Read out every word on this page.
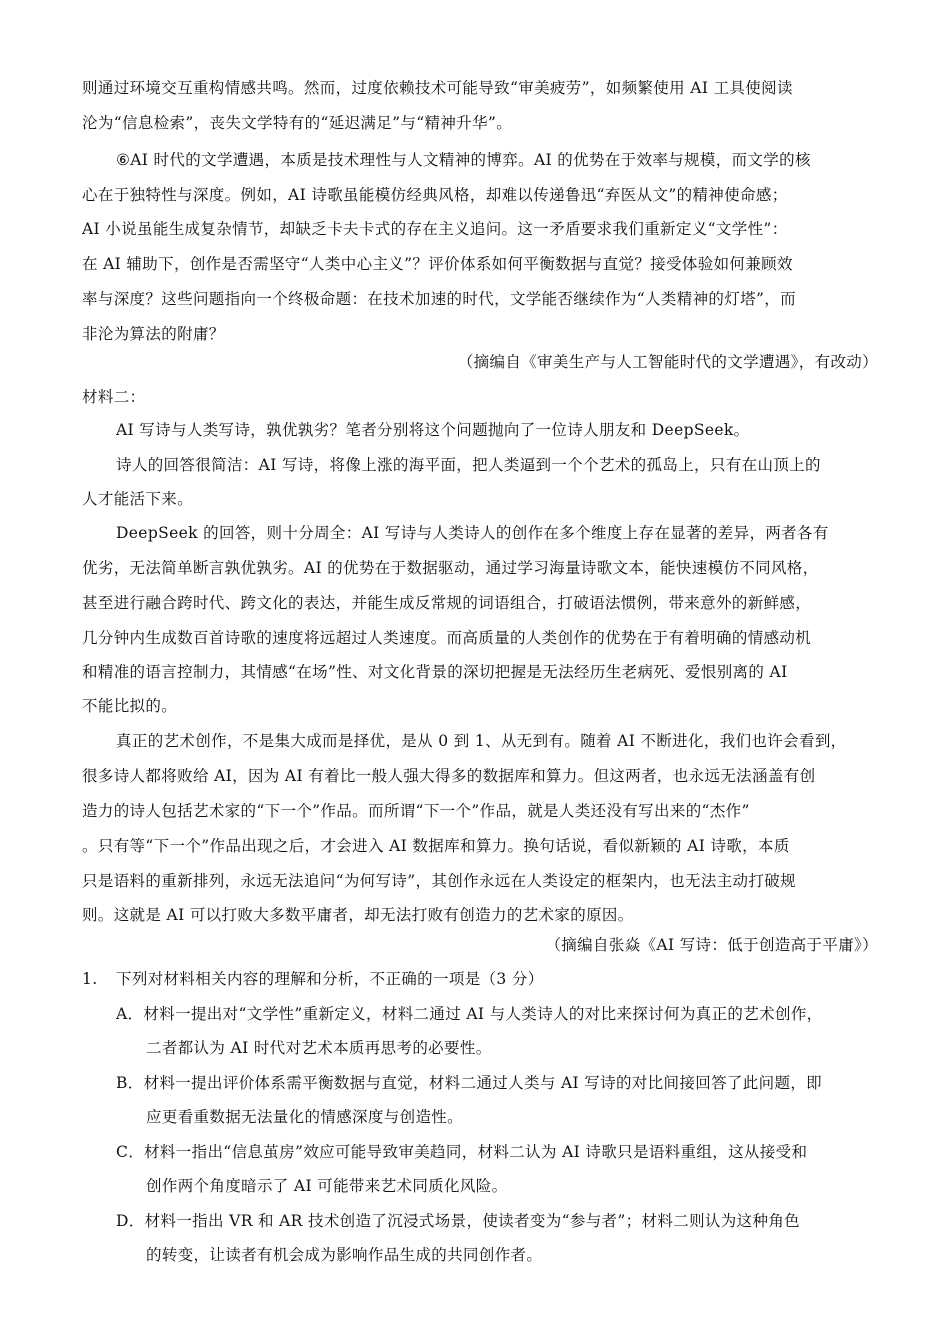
则通过环境交互重构情感共鸣。然而，过度依赖技术可能导致“审美疲劳”，如频繁使用 AI 工具使阅读
沦为“信息检索”，丧失文学特有的“延迟满足”与“精神升华”。
⑥AI 时代的文学遭遇，本质是技术理性与人文精神的博弈。AI 的优势在于效率与规模，而文学的核
心在于独特性与深度。例如，AI 诗歌虽能模仿经典风格，却难以传递鲁迅“弃医从文”的精神使命感；
AI 小说虽能生成复杂情节，却缺乏卡夫卡式的存在主义追问。这一矛盾要求我们重新定义“文学性”：
在 AI 辅助下，创作是否需坚守“人类中心主义”？评价体系如何平衡数据与直觉？接受体验如何兼顾效
率与深度？这些问题指向一个终极命题：在技术加速的时代，文学能否继续作为“人类精神的灯塔”，而
非沦为算法的附庸？
（摘编自《审美生产与人工智能时代的文学遭遇》，有改动）
材料二：
AI 写诗与人类写诗，孰优孰劣？笔者分别将这个问题抛向了一位诗人朋友和 DeepSeek。
诗人的回答很简洁：AI 写诗，将像上涨的海平面，把人类逼到一个个艺术的孤岛上，只有在山顶上的
人才能活下来。
DeepSeek 的回答，则十分周全：AI 写诗与人类诗人的创作在多个维度上存在显著的差异，两者各有
优劣，无法简单断言孰优孰劣。AI 的优势在于数据驱动，通过学习海量诗歌文本，能快速模仿不同风格，
甚至进行融合跨时代、跨文化的表达，并能生成反常规的词语组合，打破语法惯例，带来意外的新鲜感，
几分钟内生成数百首诗歌的速度将远超过人类速度。而高质量的人类创作的优势在于有着明确的情感动机
和精准的语言控制力，其情感“在场”性、对文化背景的深切把握是无法经历生老病死、爱恨别离的 AI
不能比拟的。
真正的艺术创作，不是集大成而是择优，是从 0 到 1、从无到有。随着 AI 不断进化，我们也许会看到，
很多诗人都将败给 AI，因为 AI 有着比一般人强大得多的数据库和算力。但这两者，也永远无法涵盖有创
造力的诗人包括艺术家的“下一个”作品。而所谓“下一个”作品，就是人类还没有写出来的“杰作”
。只有等“下一个”作品出现之后，才会进入 AI 数据库和算力。换句话说，看似新颖的 AI 诗歌，本质
只是语料的重新排列，永远无法追问“为何写诗”，其创作永远在人类设定的框架内，也无法主动打破规
则。这就是 AI 可以打败大多数平庸者，却无法打败有创造力的艺术家的原因。
（摘编自张焱《AI 写诗：低于创造高于平庸》）
1.	下列对材料相关内容的理解和分析，不正确的一项是（3 分）
A．材料一提出对“文学性”重新定义，材料二通过 AI 与人类诗人的对比来探讨何为真正的艺术创作，
二者都认为 AI 时代对艺术本质再思考的必要性。
B．材料一提出评价体系需平衡数据与直觉，材料二通过人类与 AI 写诗的对比间接回答了此问题，即
应更看重数据无法量化的情感深度与创造性。
C．材料一指出“信息茧房”效应可能导致审美趋同，材料二认为 AI 诗歌只是语料重组，这从接受和
创作两个角度暗示了 AI 可能带来艺术同质化风险。
D．材料一指出 VR 和 AR 技术创造了沉浸式场景，使读者变为“参与者”；材料二则认为这种角色
的转变，让读者有机会成为影响作品生成的共同创作者。
